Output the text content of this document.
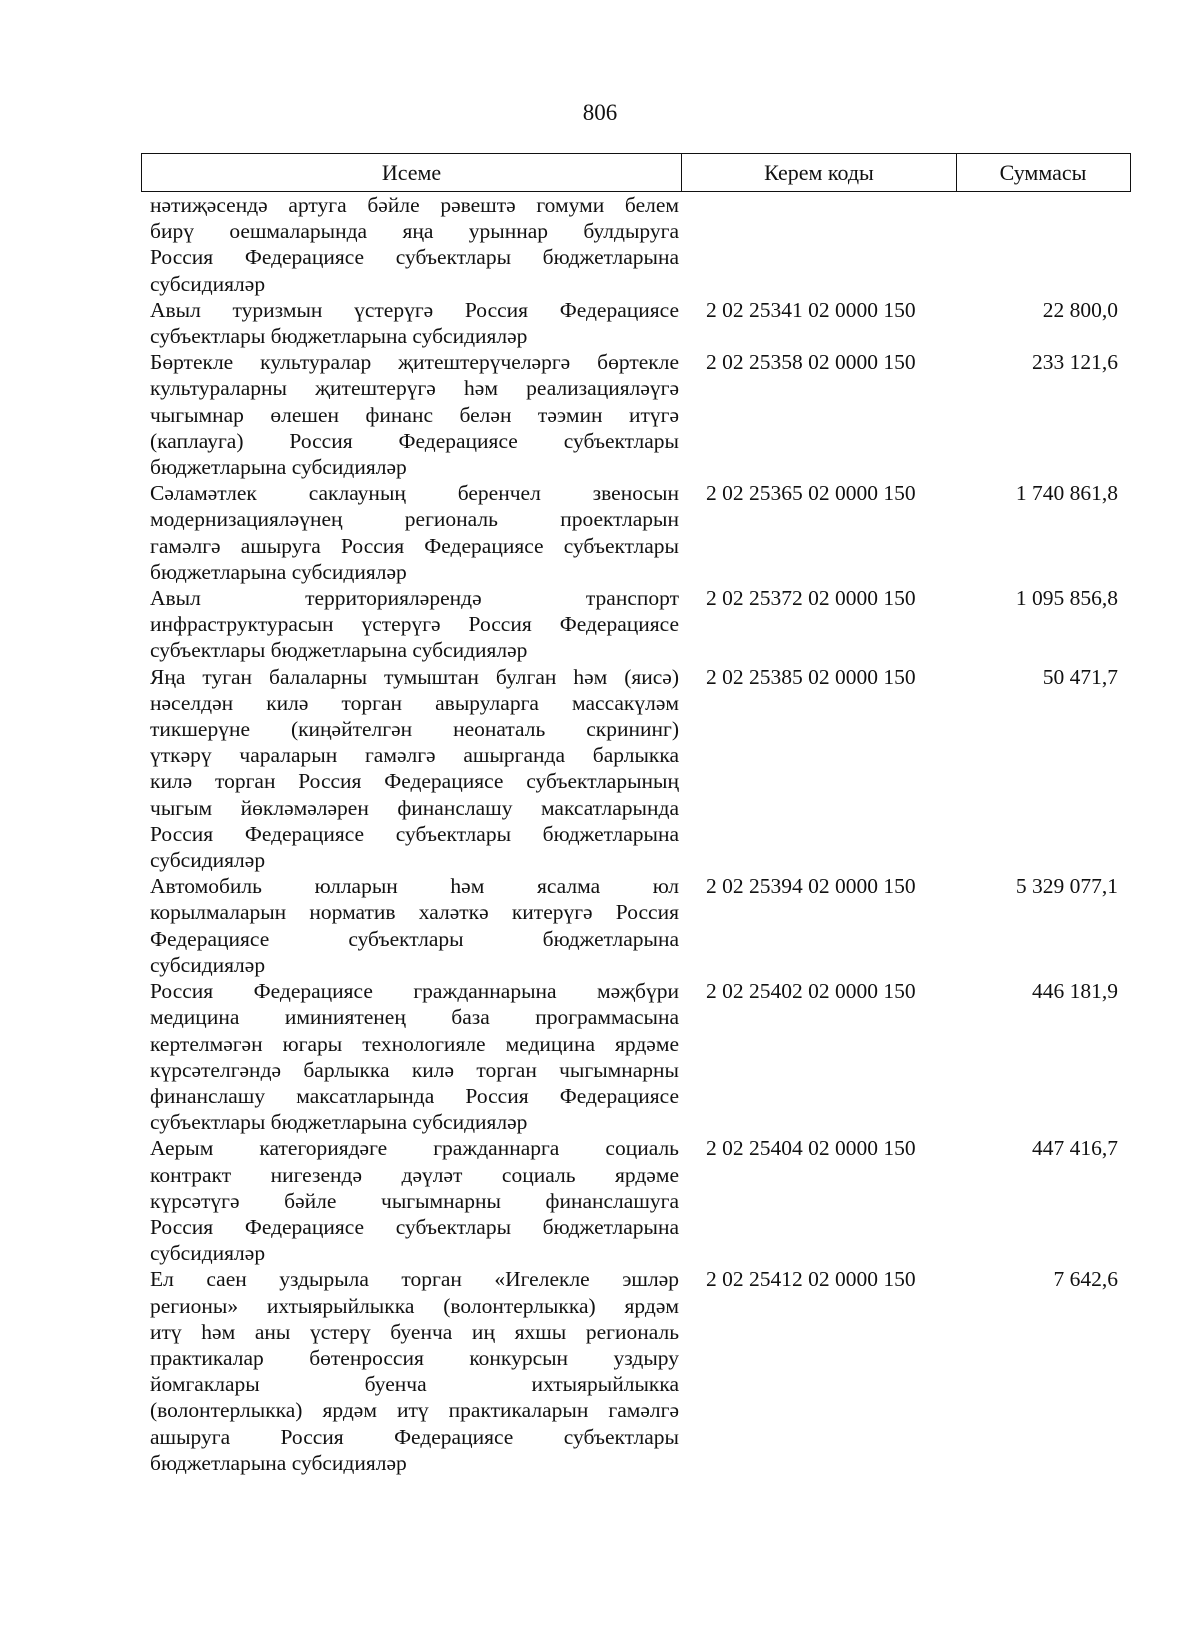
806
Исеме	Керем коды	Суммасы
нәтиҗәсендә артуга бәйле рәвештә гомуми белем
бирү оешмаларында яңа урыннар булдыруга
Россия Федерациясе субъектлары бюджетларына
субсидияләр
Авыл туризмын үстерүгә Россия Федерациясе
субъектлары бюджетларына субсидияләр
2 02 25341 02 0000 150	22 800,0
Бөртекле культуралар җитештерүчеләргә бөртекле
культураларны җитештерүгә һәм реализацияләүгә
чыгымнар өлешен финанс белән тәэмин итүгә
(каплауга) Россия Федерациясе субъектлары
бюджетларына субсидияләр
2 02 25358 02 0000 150	233 121,6
Сәламәтлек саклауның беренчел звеносын
модернизацияләүнең региональ проектларын
гамәлгә ашыруга Россия Федерациясе субъектлары
бюджетларына субсидияләр
2 02 25365 02 0000 150	1 740 861,8
Авыл территорияләрендә транспорт
инфраструктурасын үстерүгә Россия Федерациясе
субъектлары бюджетларына субсидияләр
2 02 25372 02 0000 150	1 095 856,8
Яңа туган балаларны тумыштан булган һәм (яисә)
нәселдән килә торган авыруларга массакүләм
тикшерүне (киңәйтелгән неонаталь скрининг)
үткәрү чараларын гамәлгә ашырганда барлыкка
килә торган Россия Федерациясе субъектларының
чыгым йөкләмәләрен финанслашу максатларында
Россия Федерациясе субъектлары бюджетларына
субсидияләр
2 02 25385 02 0000 150	50 471,7
Автомобиль юлларын һәм ясалма юл
корылмаларын норматив халәткә китерүгә Россия
Федерациясе субъектлары бюджетларына
субсидияләр
2 02 25394 02 0000 150	5 329 077,1
Россия Федерациясе гражданнарына мәҗбүри
медицина иминиятенең база программасына
кертелмәгән югары технологияле медицина ярдәме
күрсәтелгәндә барлыкка килә торган чыгымнарны
финанслашу максатларында Россия Федерациясе
субъектлары бюджетларына субсидияләр
2 02 25402 02 0000 150	446 181,9
Аерым категориядәге гражданнарга социаль
контракт нигезендә дәүләт социаль ярдәме
күрсәтүгә бәйле чыгымнарны финанслашуга
Россия Федерациясе субъектлары бюджетларына
субсидияләр
2 02 25404 02 0000 150	447 416,7
Ел саен уздырыла торган «Игелекле эшләр
регионы» ихтыярыйлыкка (волонтерлыкка) ярдәм
итү һәм аны үстерү буенча иң яхшы региональ
практикалар бөтенроссия конкурсын уздыру
йомгаклары буенча ихтыярыйлыкка
(волонтерлыкка) ярдәм итү практикаларын гамәлгә
ашыруга Россия Федерациясе субъектлары
бюджетларына субсидияләр
2 02 25412 02 0000 150	7 642,6
